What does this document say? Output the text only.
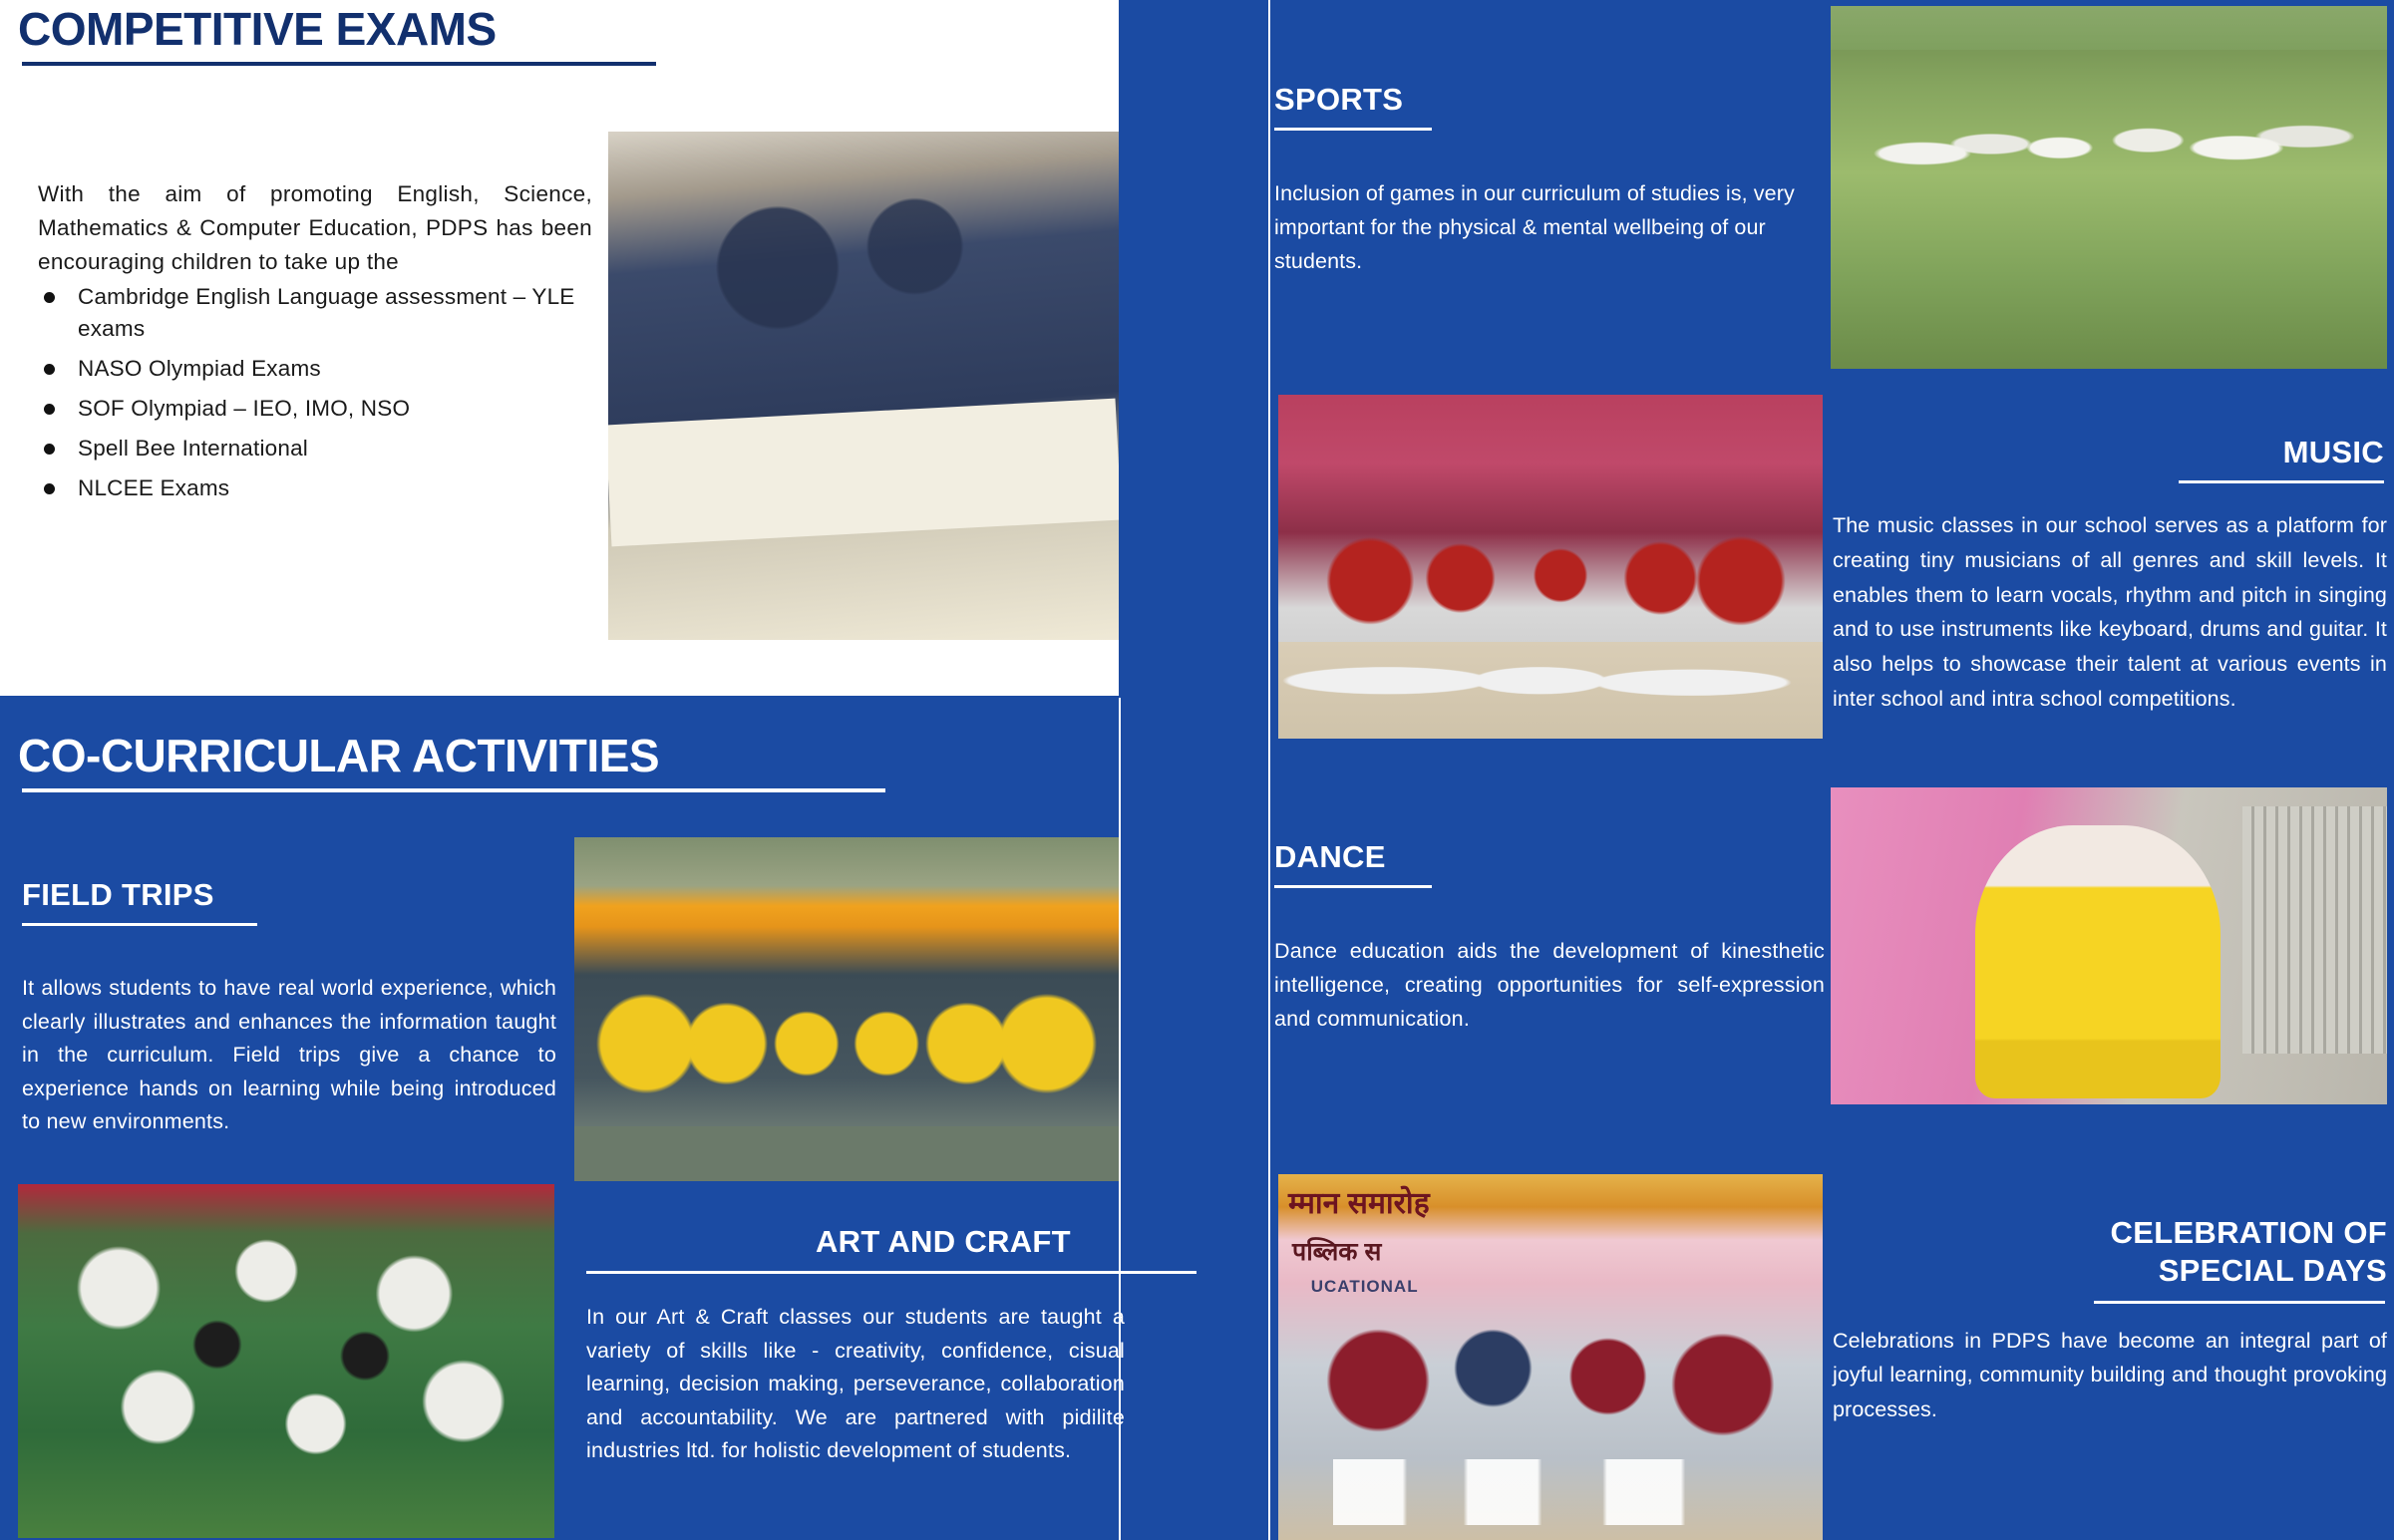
COMPETITIVE EXAMS
With the aim of promoting English, Science, Mathematics & Computer Education, PDPS has been encouraging children to take up the
Cambridge English Language assessment – YLE exams
NASO Olympiad Exams
SOF Olympiad – IEO, IMO, NSO
Spell Bee International
NLCEE Exams
CO-CURRICULAR ACTIVITIES
FIELD TRIPS
It allows students to have real world experience, which clearly illustrates and enhances the information taught in the curriculum. Field trips give a chance to experience hands on learning while being introduced to new environments.
ART AND CRAFT
In our Art & Craft classes our students are taught a variety of skills like - creativity, confidence, cisual learning, decision making, perseverance, collaboration and accountability. We are partnered with pidilite industries ltd. for holistic development of students.
SPORTS
Inclusion of games in our curriculum of studies is, very important for the physical & mental wellbeing of our students.
MUSIC
The music classes in our school serves as a platform for creating tiny musicians of all genres and skill levels. It enables them to learn vocals, rhythm and pitch in singing and to use instruments like keyboard, drums and guitar. It also helps to showcase their talent at various events in inter school and intra school competitions.
DANCE
Dance education aids the development of kinesthetic intelligence, creating opportunities for self-expression and communication.
CELEBRATION OF
SPECIAL DAYS
Celebrations in PDPS have become an integral part of joyful learning, community building and thought provoking processes.
म्मान समारोह
पब्लिक स
UCATIONAL
